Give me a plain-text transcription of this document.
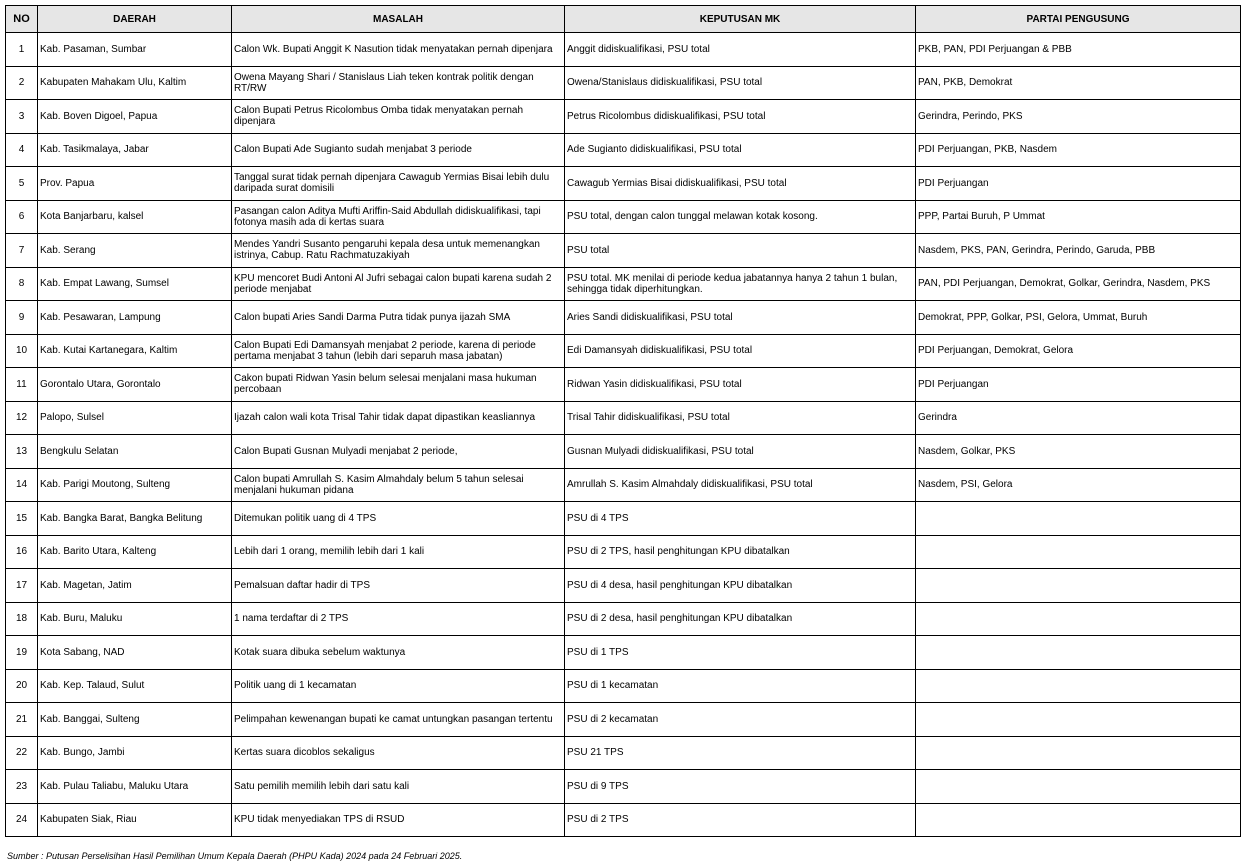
NO	DAERAH	MASALAH	KEPUTUSAN MK	PARTAI PENGUSUNG
1	Kab. Pasaman, Sumbar	Calon Wk. Bupati Anggit K Nasution tidak menyatakan pernah dipenjara	Anggit didiskualifikasi, PSU total	PKB, PAN, PDI Perjuangan & PBB
2	Kabupaten Mahakam Ulu, Kaltim	Owena Mayang Shari / Stanislaus Liah teken kontrak politik dengan RT/RW	Owena/Stanislaus didiskualifikasi, PSU total	PAN, PKB, Demokrat
3	Kab. Boven Digoel, Papua	Calon Bupati Petrus Ricolombus Omba tidak menyatakan pernah dipenjara	Petrus Ricolombus didiskualifikasi, PSU total	Gerindra, Perindo, PKS
4	Kab. Tasikmalaya, Jabar	Calon Bupati Ade Sugianto sudah menjabat 3 periode	Ade Sugianto didiskualifikasi, PSU total	PDI Perjuangan, PKB, Nasdem
5	Prov. Papua	Tanggal surat tidak pernah dipenjara Cawagub Yermias Bisai lebih dulu daripada surat domisili	Cawagub Yermias Bisai didiskualifikasi, PSU total	PDI Perjuangan
6	Kota Banjarbaru, kalsel	Pasangan calon Aditya Mufti Ariffin-Said Abdullah didiskualifikasi, tapi fotonya masih ada di kertas suara	PSU total, dengan calon tunggal melawan kotak kosong.	PPP, Partai Buruh, P Ummat
7	Kab. Serang	Mendes Yandri Susanto pengaruhi kepala desa untuk memenangkan istrinya, Cabup. Ratu Rachmatuzakiyah	PSU total	Nasdem, PKS, PAN, Gerindra, Perindo, Garuda, PBB
8	Kab. Empat Lawang, Sumsel	KPU mencoret Budi Antoni Al Jufri sebagai calon bupati karena sudah 2 periode menjabat	PSU total. MK menilai di periode kedua jabatannya hanya 2 tahun 1 bulan, sehingga tidak diperhitungkan.	PAN, PDI Perjuangan, Demokrat, Golkar, Gerindra, Nasdem, PKS
9	Kab. Pesawaran, Lampung	Calon bupati Aries Sandi Darma Putra tidak punya ijazah SMA	Aries Sandi didiskualifikasi, PSU total	Demokrat, PPP, Golkar, PSI, Gelora, Ummat, Buruh
10	Kab. Kutai Kartanegara, Kaltim	Calon Bupati Edi Damansyah menjabat 2 periode, karena di periode pertama menjabat 3 tahun (lebih dari separuh masa jabatan)	Edi Damansyah didiskualifikasi, PSU total	PDI Perjuangan, Demokrat, Gelora
11	Gorontalo Utara, Gorontalo	Cakon bupati Ridwan Yasin belum selesai menjalani masa hukuman percobaan	Ridwan Yasin didiskualifikasi, PSU total	PDI Perjuangan
12	Palopo, Sulsel	Ijazah calon wali kota Trisal Tahir tidak dapat dipastikan keasliannya	Trisal Tahir didiskualifikasi, PSU total	Gerindra
13	Bengkulu Selatan	Calon Bupati Gusnan Mulyadi menjabat 2 periode,	Gusnan Mulyadi didiskualifikasi, PSU total	Nasdem, Golkar, PKS
14	Kab. Parigi Moutong, Sulteng	Calon bupati Amrullah S. Kasim Almahdaly belum 5 tahun selesai menjalani hukuman pidana	Amrullah S. Kasim Almahdaly didiskualifikasi, PSU total	Nasdem, PSI, Gelora
15	Kab. Bangka Barat, Bangka Belitung	Ditemukan politik uang di 4 TPS	PSU di 4 TPS	
16	Kab. Barito Utara, Kalteng	Lebih dari 1 orang, memilih lebih dari 1 kali	PSU di 2 TPS, hasil penghitungan KPU dibatalkan	
17	Kab. Magetan, Jatim	Pemalsuan daftar hadir di TPS	PSU di 4 desa, hasil penghitungan KPU dibatalkan	
18	Kab. Buru, Maluku	1 nama terdaftar di 2 TPS	PSU di 2 desa, hasil penghitungan KPU dibatalkan	
19	Kota Sabang, NAD	Kotak suara dibuka sebelum waktunya	PSU di 1 TPS	
20	Kab. Kep. Talaud, Sulut	Politik uang di 1 kecamatan	PSU di 1 kecamatan	
21	Kab. Banggai, Sulteng	Pelimpahan kewenangan bupati ke camat untungkan pasangan tertentu	PSU di 2 kecamatan	
22	Kab. Bungo, Jambi	Kertas suara dicoblos sekaligus	PSU 21 TPS	
23	Kab. Pulau Taliabu, Maluku Utara	Satu pemilih memilih lebih dari satu kali	PSU di 9 TPS	
24	Kabupaten Siak, Riau	KPU tidak menyediakan TPS di RSUD	PSU di 2 TPS	
Sumber : Putusan Perselisihan Hasil Pemilihan Umum Kepala Daerah (PHPU Kada) 2024 pada 24 Februari 2025.
